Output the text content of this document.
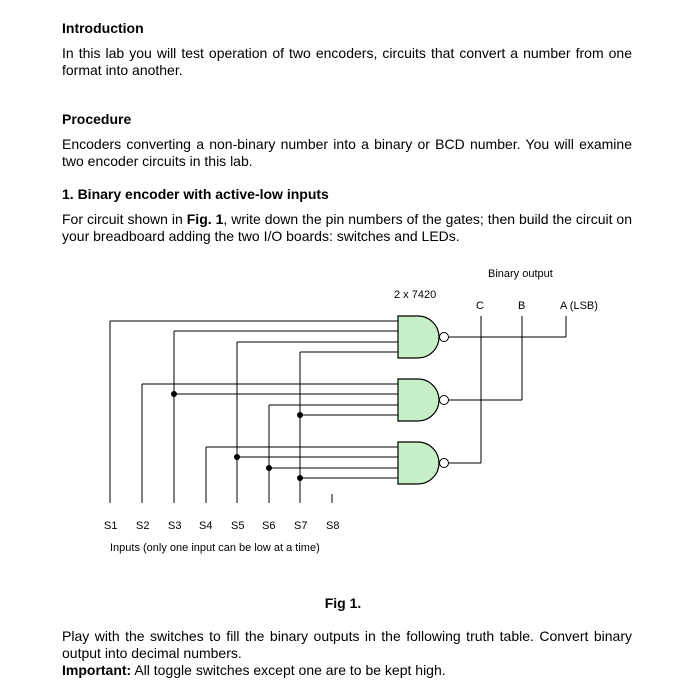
Introduction
In this lab you will test operation of two encoders, circuits that convert a number from one format into another.
Procedure
Encoders converting a non-binary number into a binary or BCD number. You will examine two encoder circuits in this lab.
1. Binary encoder with active-low inputs
For circuit shown in Fig. 1, write down the pin numbers of the gates; then build the circuit on your breadboard adding the two I/O boards: switches and LEDs.
Binary output
2 x 7420
C	B	A (LSB)
S1 S2 S3 S4 S5 S6 S7 S8
Inputs (only one input can be low at a time)
Fig 1.
Play with the switches to fill the binary outputs in the following truth table. Convert binary output into decimal numbers.
Important: All toggle switches except one are to be kept high.
